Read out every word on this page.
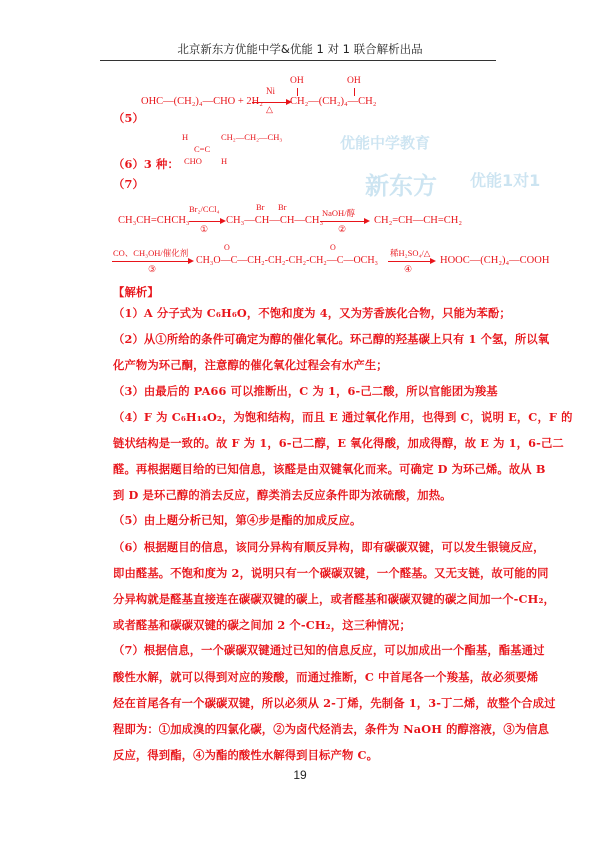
北京新东方优能中学&优能 1 对 1 联合解析出品
新东方 优能1对1
优能中学教育
OHC—(CH₂)₄—CHO + 2H₂
Ni
△
OH	OH
CH₂—(CH₂)₄—CH₂
（5）
H
C=C
CH₂—CH₂—CH₃
CHO H
（6）3 种：
（7）
CH₃CH=CHCH₃
Br₂/CCl₄
①
Br Br
CH₃—CH—CH—CH₃
NaOH/醇
②
CH₂=CH—CH=CH₂
CO、CH₃OH/催化剂
③
O	O
CH₃O—C—CH₂-CH₂-CH₂-CH₂—C—OCH₃
稀H₂SO₄/△
④
HOOC—(CH₂)₄—COOH
【解析】
（1）A 分子式为 C₆H₆O，不饱和度为 4，又为芳香族化合物，只能为苯酚；
（2）从①所给的条件可确定为醇的催化氧化。环己醇的羟基碳上只有 1 个氢，所以氧
化产物为环己酮，注意醇的催化氧化过程会有水产生；
（3）由最后的 PA66 可以推断出，C 为 1，6-己二酸，所以官能团为羧基
（4）F 为 C₆H₁₄O₂，为饱和结构，而且 E 通过氧化作用，也得到 C，说明 E，C，F 的
链状结构是一致的。故 F 为 1，6-己二醇，E 氧化得酸，加成得醇，故 E 为 1，6-己二
醛。再根据题目给的已知信息，该醛是由双键氧化而来。可确定 D 为环己烯。故从 B
到 D 是环己醇的消去反应，醇类消去反应条件即为浓硫酸，加热。
（5）由上题分析已知，第④步是酯的加成反应。
（6）根据题目的信息，该同分异构有顺反异构，即有碳碳双键，可以发生银镜反应，
即由醛基。不饱和度为 2，说明只有一个碳碳双键，一个醛基。又无支链，故可能的同
分异构就是醛基直接连在碳碳双键的碳上，或者醛基和碳碳双键的碳之间加一个-CH₂，
或者醛基和碳碳双键的碳之间加 2 个-CH₂，这三种情况；
（7）根据信息，一个碳碳双键通过已知的信息反应，可以加成出一个酯基，酯基通过
酸性水解，就可以得到对应的羧酸，而通过推断，C 中首尾各一个羧基，故必须要烯
烃在首尾各有一个碳碳双键，所以必须从 2-丁烯，先制备 1，3-丁二烯，故整个合成过
程即为：①加成溴的四氯化碳，②为卤代烃消去，条件为 NaOH 的醇溶液，③为信息
反应，得到酯，④为酯的酸性水解得到目标产物 C。
19
